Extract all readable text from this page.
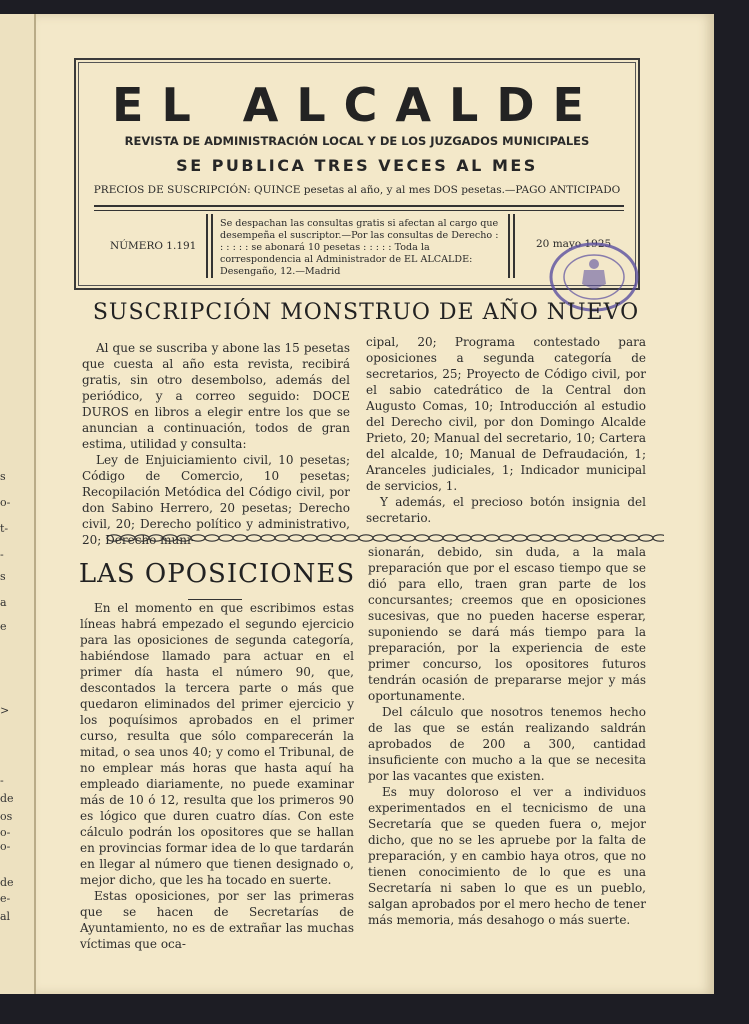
s
o-
t-
-
s
a
e
>
-
de
os
o-
o-
de
e-
al
EL ALCALDE
REVISTA DE ADMINISTRACIÓN LOCAL Y DE LOS JUZGADOS MUNICIPALES
SE PUBLICA TRES VECES AL MES
PRECIOS DE SUSCRIPCIÓN: QUINCE pesetas al año, y al mes DOS pesetas.—PAGO ANTICIPADO
NÚMERO 1.191
Se despachan las consultas gratis si afectan al cargo que desempeña el suscriptor.—Por las consultas de Derecho : : : : : : se abonará 10 pesetas : : : : : Toda la correspondencia al Administrador de EL ALCALDE: Desengaño, 12.—Madrid
20 mayo 1925
SUSCRIPCIÓN MONSTRUO DE AÑO NUEVO

Al que se suscriba y abone las 15 pesetas que cuesta al año esta revista, recibirá gratis, sin otro desembolso, además del periódico, y a correo seguido: DOCE DUROS en libros a elegir entre los que se anuncian a continuación, todos de gran estima, utilidad y consulta:

Ley de Enjuiciamiento civil, 10 pesetas; Código de Comercio, 10 pesetas; Recopilación Metódica del Código civil, por don Sabino Herrero, 20 pesetas; Derecho civil, 20; Derecho político y administrativo, 20; Derecho muni-

cipal, 20; Programa contestado para oposiciones a segunda categoría de secretarios, 25; Proyecto de Código civil, por el sabio catedrático de la Central don Augusto Comas, 10; Introducción al estudio del Derecho civil, por don Domingo Alcalde Prieto, 20; Manual del secretario, 10; Cartera del alcalde, 10; Manual de Defraudación, 1; Aranceles judiciales, 1; Indicador municipal de servicios, 1.

Y además, el precioso botón insignia del secretario.

LAS OPOSICIONES

En el momento en que escribimos estas líneas habrá empezado el segundo ejercicio para las oposiciones de segunda categoría, habiéndose llamado para actuar en el primer día hasta el número 90, que, descontados la tercera parte o más que quedaron eliminados del primer ejercicio y los poquísimos aprobados en el primer curso, resulta que sólo comparecerán la mitad, o sea unos 40; y como el Tribunal, de no emplear más horas que hasta aquí ha empleado diariamente, no puede examinar más de 10 ó 12, resulta que los primeros 90 es lógico que duren cuatro días. Con este cálculo podrán los opositores que se hallan en provincias formar idea de lo que tardarán en llegar al número que tienen designado o, mejor dicho, que les ha tocado en suerte.

Estas oposiciones, por ser las primeras que se hacen de Secretarías de Ayuntamiento, no es de extrañar las muchas víctimas que oca-

sionarán, debido, sin duda, a la mala preparación que por el escaso tiempo que se dió para ello, traen gran parte de los concursantes; creemos que en oposiciones sucesivas, que no pueden hacerse esperar, suponiendo se dará más tiempo para la preparación, por la experiencia de este primer concurso, los opositores futuros tendrán ocasión de prepararse mejor y más oportunamente.

Del cálculo que nosotros tenemos hecho de las que se están realizando saldrán aprobados de 200 a 300, cantidad insuficiente con mucho a la que se necesita por las vacantes que existen.

Es muy doloroso el ver a individuos experimentados en el tecnicismo de una Secretaría que se queden fuera o, mejor dicho, que no se les apruebe por la falta de preparación, y en cambio haya otros, que no tienen conocimiento de lo que es una Secretaría ni saben lo que es un pueblo, salgan aprobados por el mero hecho de tener más memoria, más desahogo o más suerte.
